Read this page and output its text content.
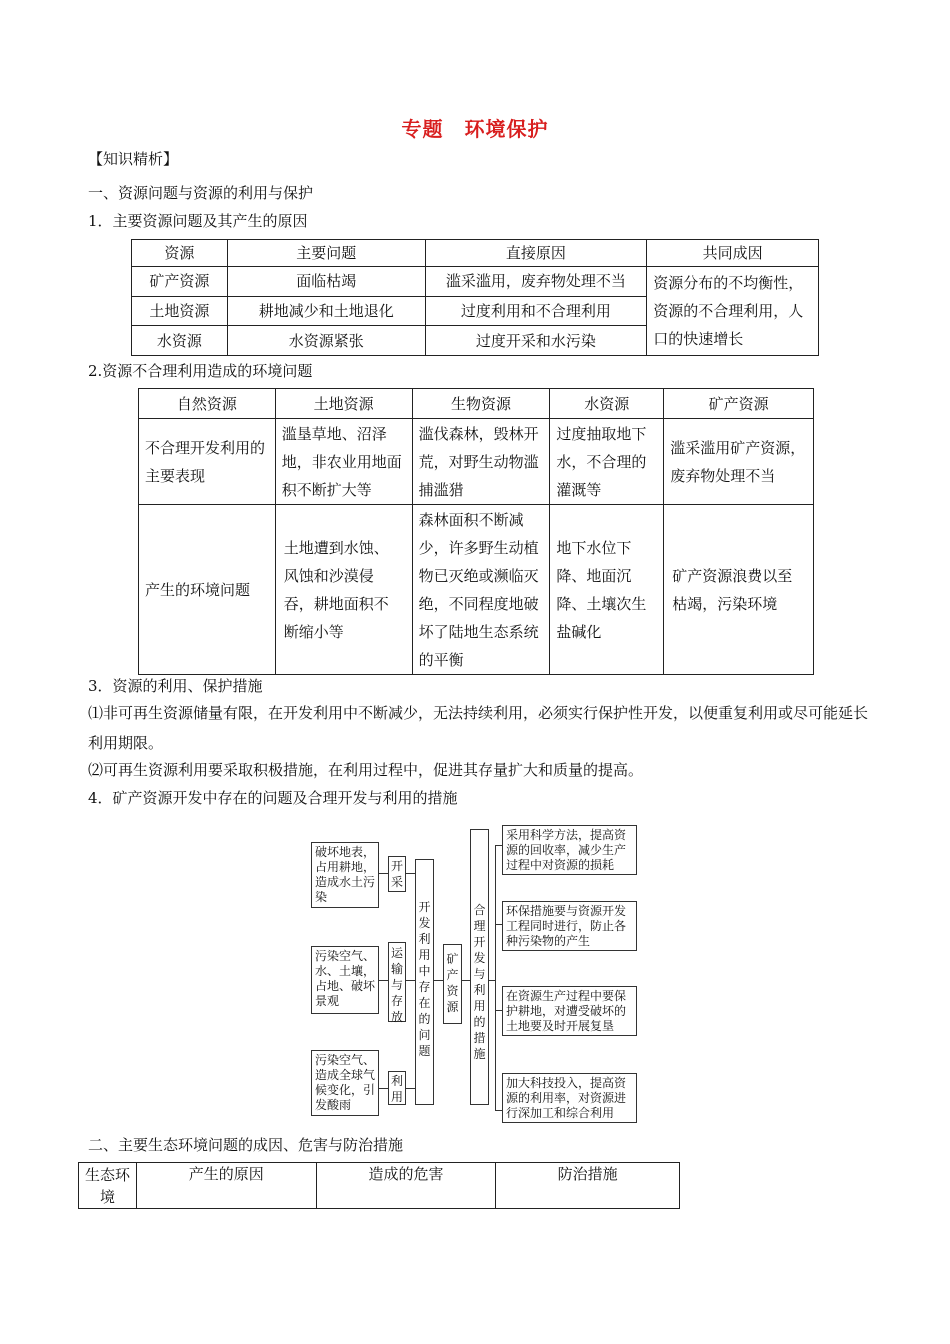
专题　环境保护
【知识精析】
一、资源问题与资源的利用与保护
1．主要资源问题及其产生的原因
资源	主要问题	直接原因	共同成因
矿产资源	面临枯竭	滥采滥用，废弃物处理不当	资源分布的不均衡性，资源的不合理利用，人口的快速增长
土地资源	耕地减少和土地退化	过度利用和不合理利用	
水资源	水资源紧张	过度开采和水污染	
2.资源不合理利用造成的环境问题
自然资源	土地资源	生物资源	水资源	矿产资源
不合理开发利用的主要表现	滥垦草地、沼泽地，非农业用地面积不断扩大等	滥伐森林，毁林开荒，对野生动物滥捕滥猎	过度抽取地下水，不合理的灌溉等	滥采滥用矿产资源，废弃物处理不当
产生的环境问题	土地遭到水蚀、风蚀和沙漠侵吞，耕地面积不断缩小等	森林面积不断减少，许多野生动植物已灭绝或濒临灭绝，不同程度地破坏了陆地生态系统的平衡	地下水位下降、地面沉降、土壤次生盐碱化	矿产资源浪费以至枯竭，污染环境
3．资源的利用、保护措施
⑴非可再生资源储量有限，在开发利用中不断减少，无法持续利用，必须实行保护性开发，以便重复利用或尽可能延长利用期限。
⑵可再生资源利用要采取积极措施，在利用过程中，促进其存量扩大和质量的提高。
4．矿产资源开发中存在的问题及合理开发与利用的措施
破坏地表，占用耕地，造成水土污染
污染空气、水、土壤，占地、破坏景观
污染空气、造成全球气候变化，引发酸雨
开采
运输与存放
利用
开发利用中存在的问题
矿产资源
合理开发与利用的措施
采用科学方法，提高资源的回收率，减少生产过程中对资源的损耗
环保措施要与资源开发工程同时进行，防止各种污染物的产生
在资源生产过程中要保护耕地，对遭受破坏的土地要及时开展复垦
加大科技投入，提高资源的利用率，对资源进行深加工和综合利用
二、主要生态环境问题的成因、危害与防治措施
生态环境	产生的原因	造成的危害	防治措施
